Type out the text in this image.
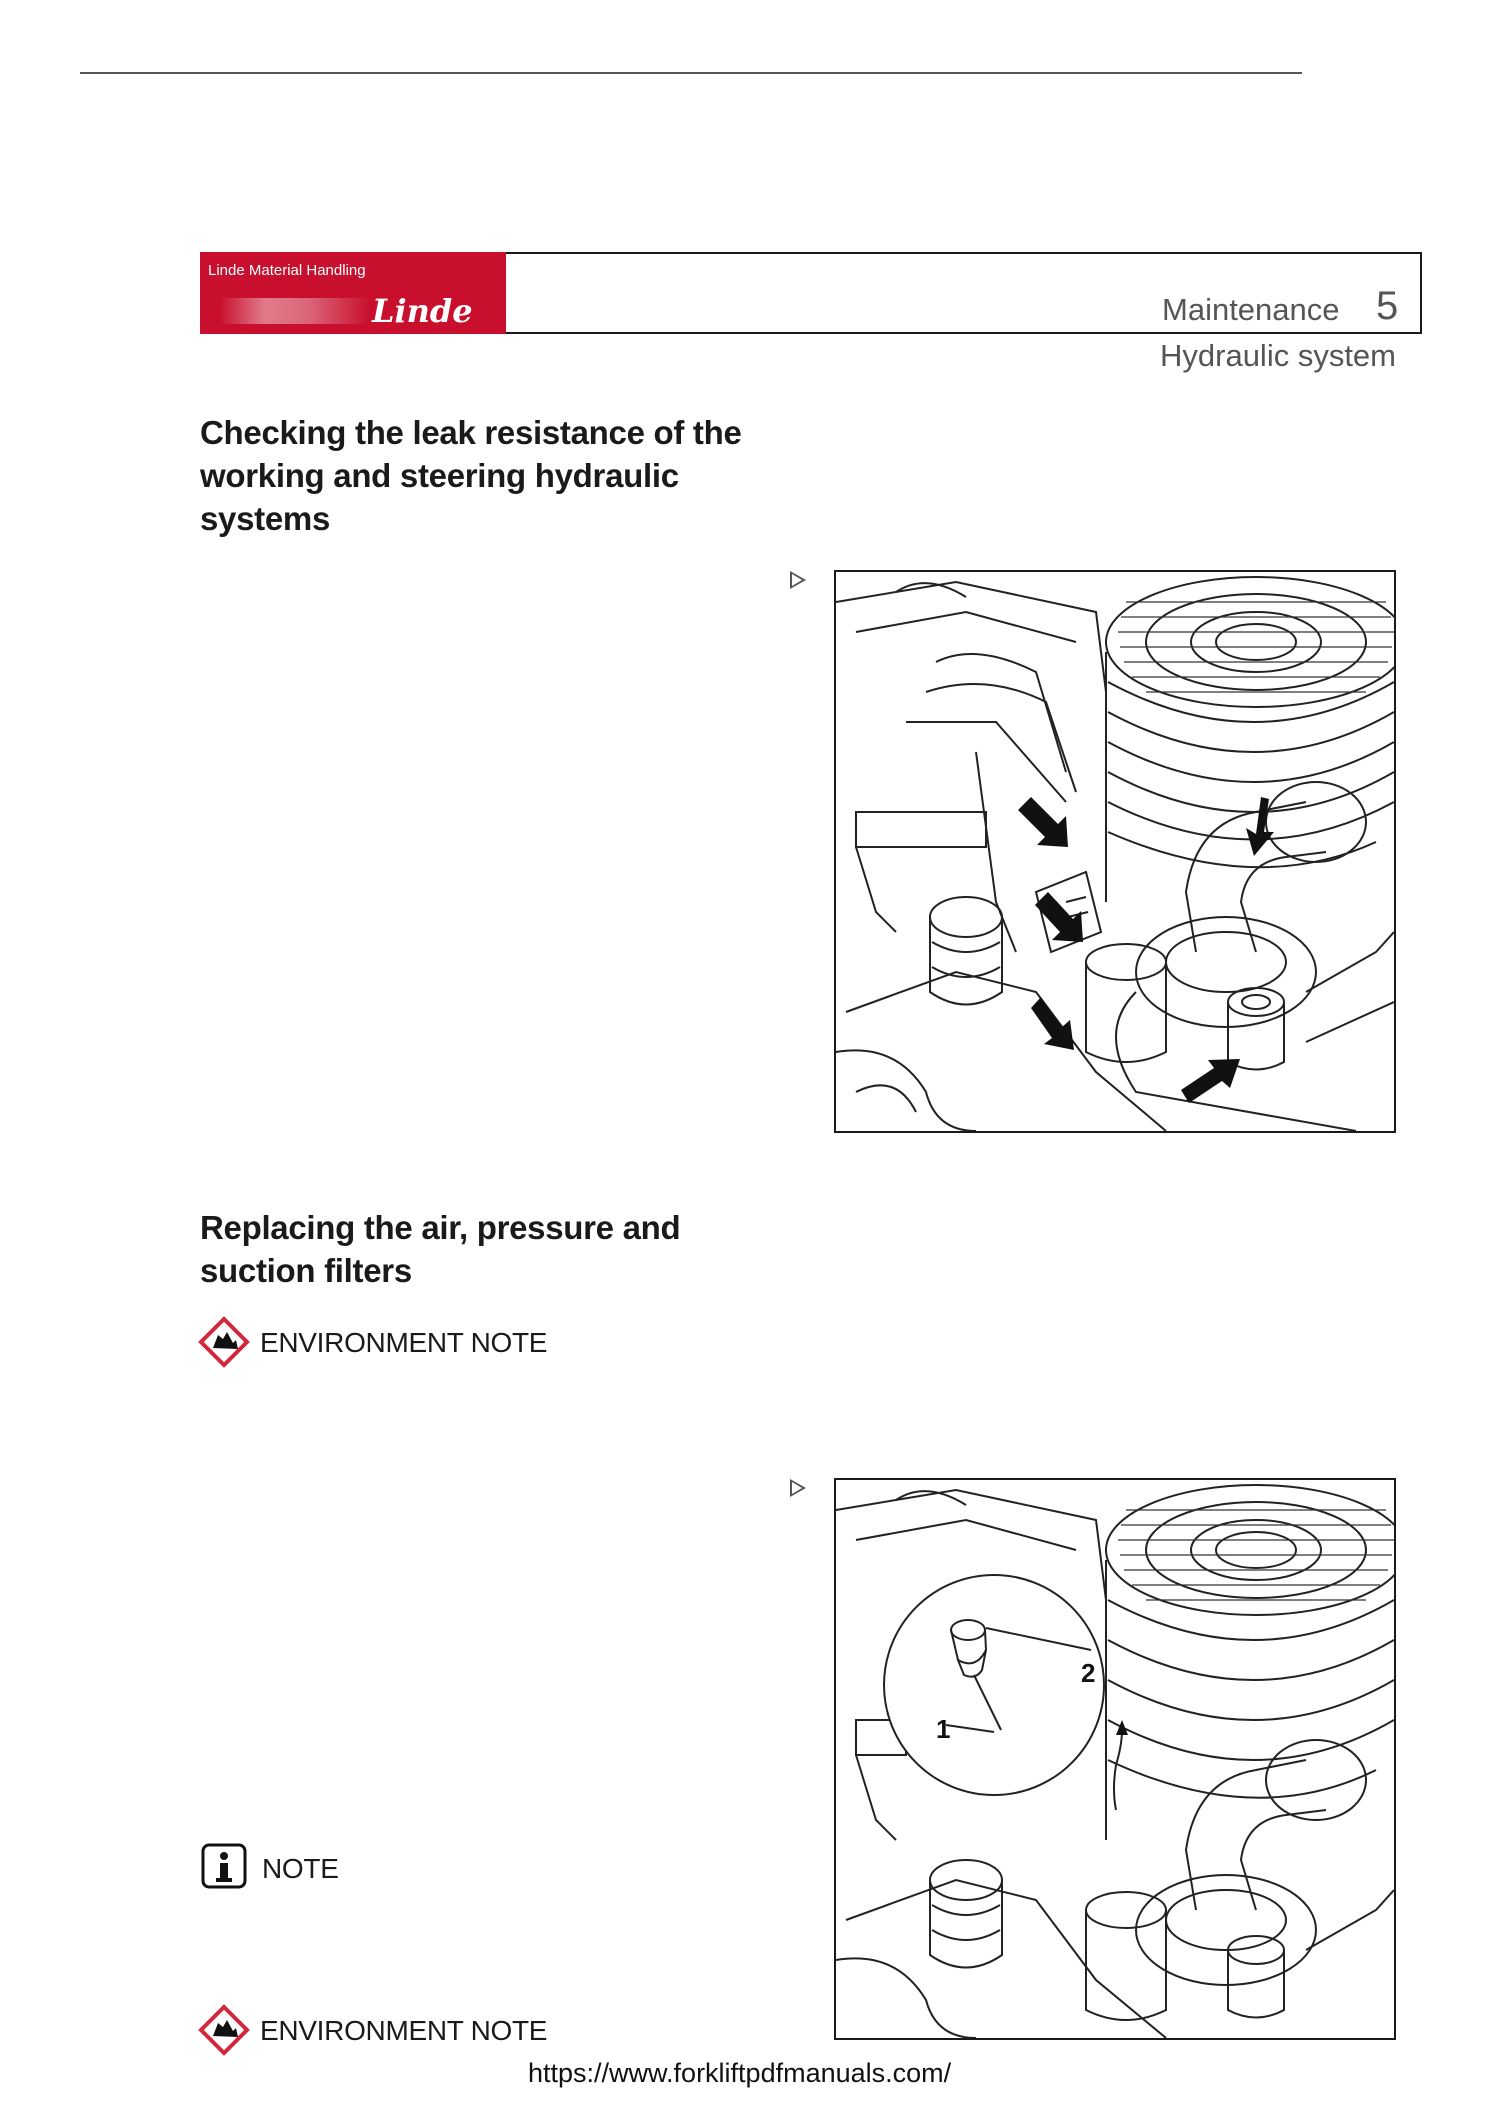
Linde Material Handling
Linde	Maintenance 5
Hydraulic system
Checking the leak resistance of the working and steering hydraulic systems
Replacing the air, pressure and suction filters
ENVIRONMENT NOTE
2
1
NOTE
ENVIRONMENT NOTE
https://www.forkliftpdfmanuals.com/
